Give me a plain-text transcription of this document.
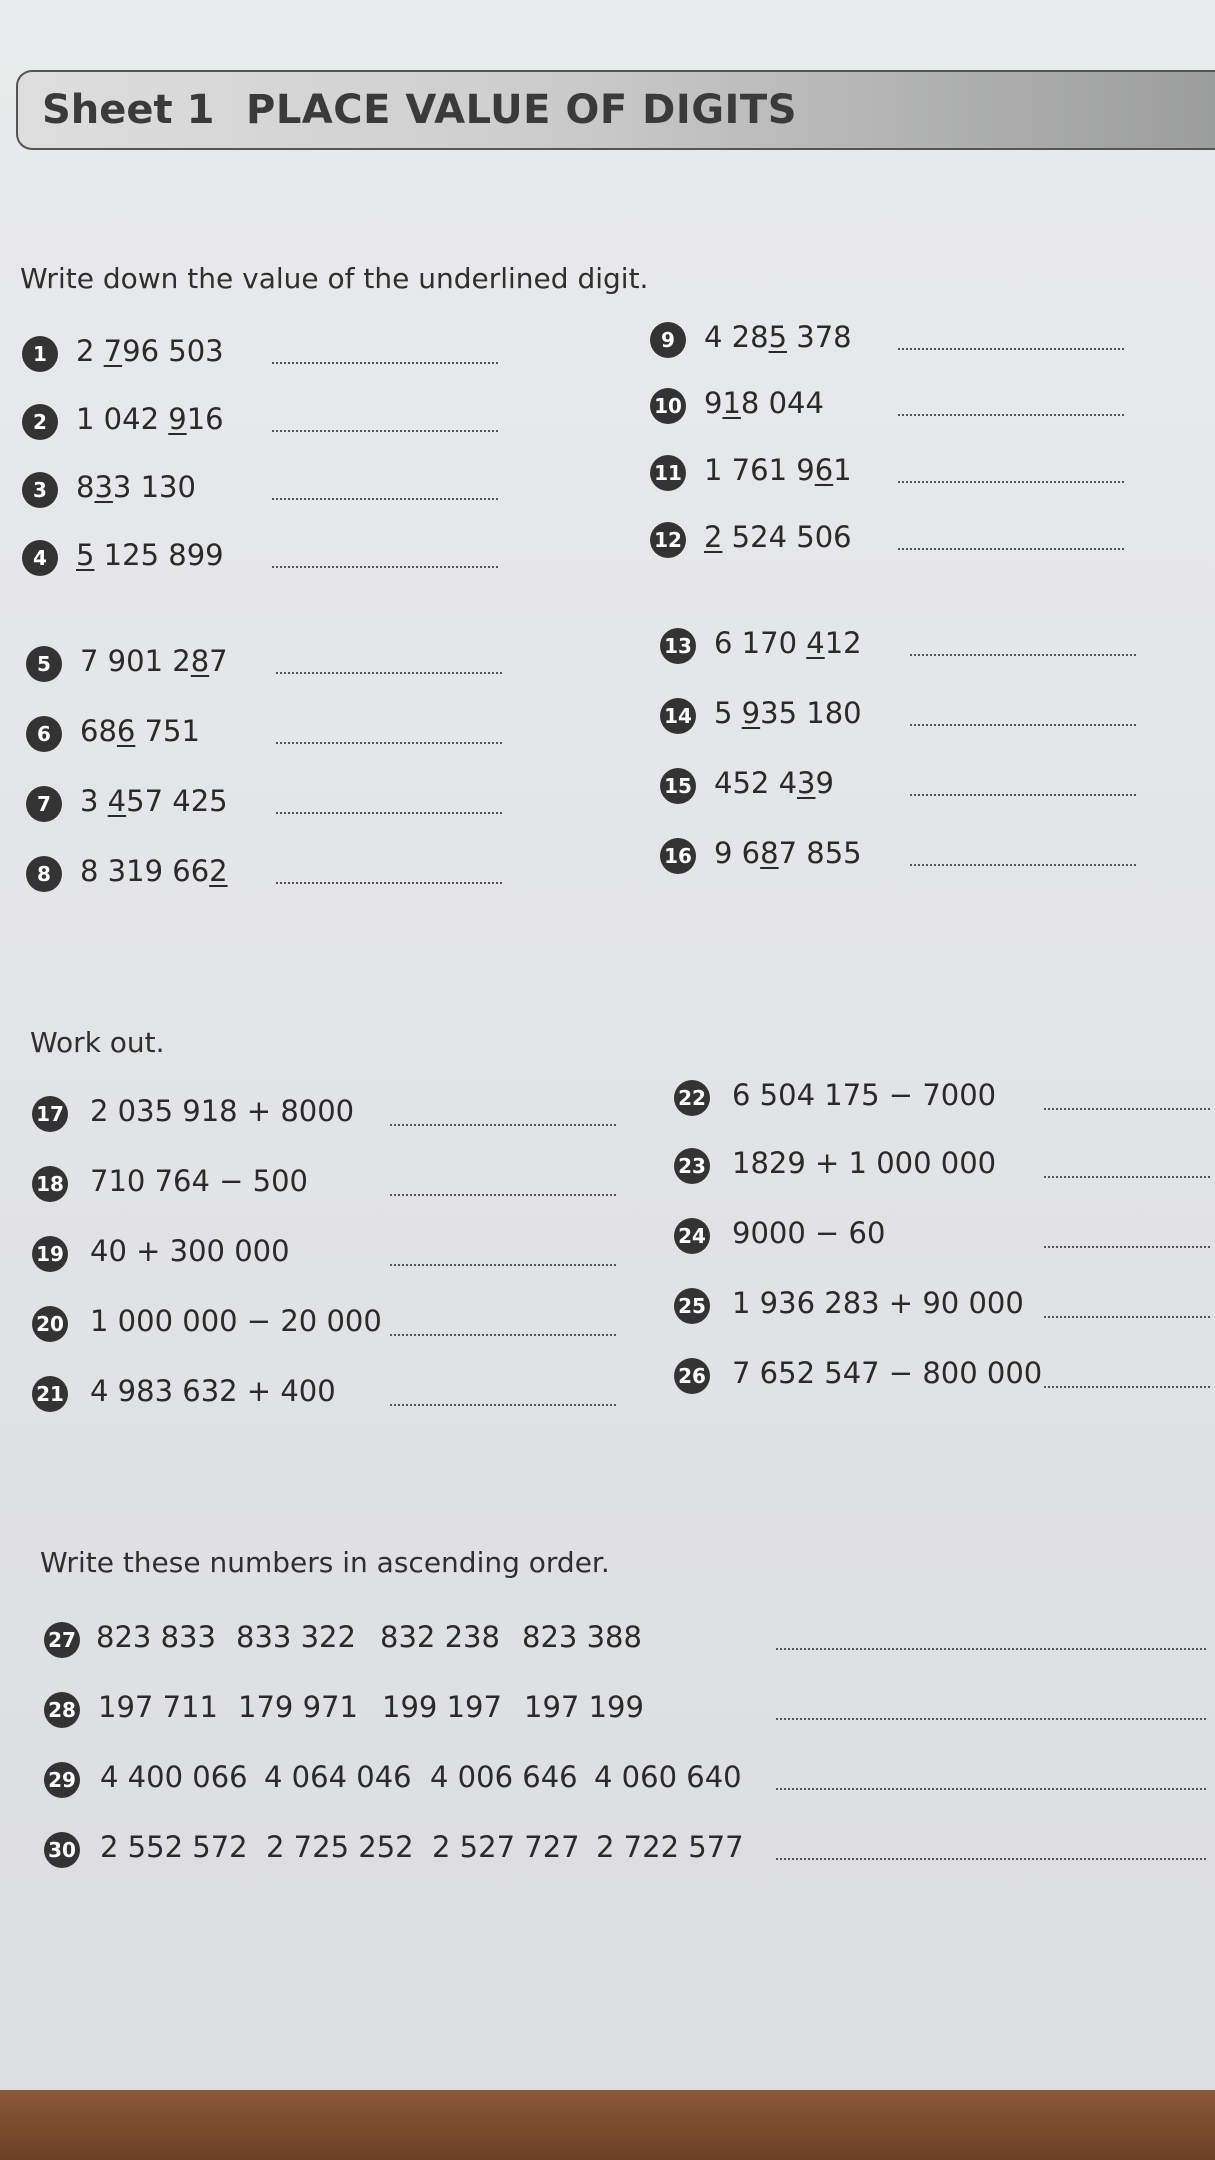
Sheet 1 PLACE VALUE OF DIGITS
Write down the value of the underlined digit.
1	2 796 503
2	1 042 916
3	833 130
4	5 125 899
5	7 901 287
6	686 751
7	3 457 425
8	8 319 662
9	4 285 378
10 918 044
11 1 761 961
12 2 524 506
13 6 170 412
14 5 935 180
15 452 439
16 9 687 855
Work out.
17 2 035 918 + 8000
18 710 764 − 500
19 40 + 300 000
20 1 000 000 − 20 000
21 4 983 632 + 400
22 6 504 175 − 7000
23 1829 + 1 000 000
24 9000 − 60
25 1 936 283 + 90 000
26 7 652 547 − 800 000
Write these numbers in ascending order.
27 823 833 833 322 832 238 823 388
28 197 711 179 971 199 197 197 199
29 4 400 066 4 064 046 4 006 646 4 060 640
30 2 552 572 2 725 252 2 527 727 2 722 577
